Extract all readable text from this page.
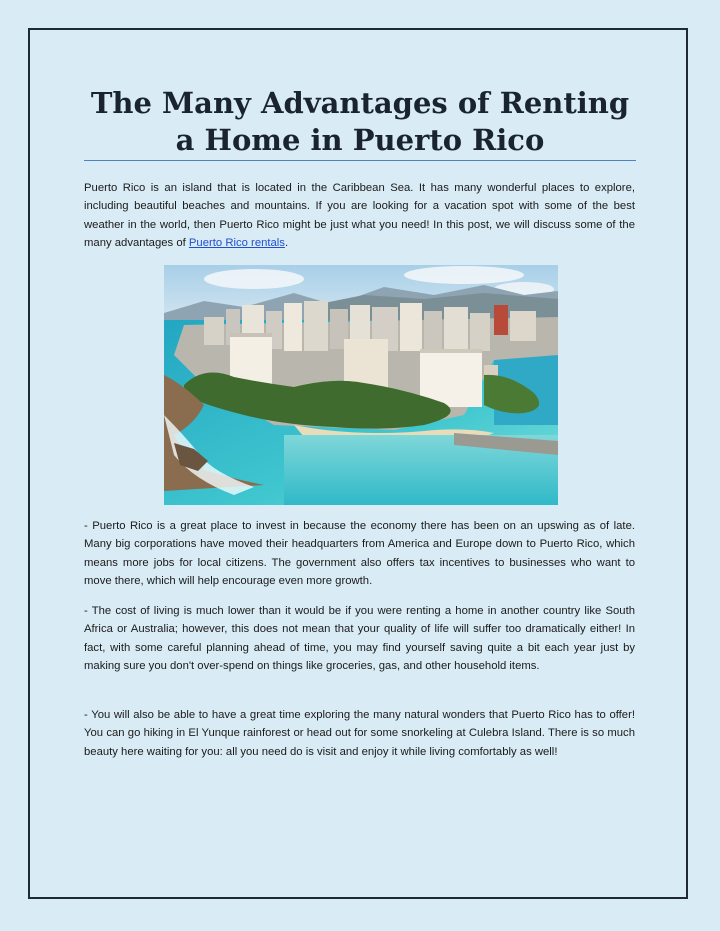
The Many Advantages of Renting a Home in Puerto Rico

Puerto Rico is an island that is located in the Caribbean Sea. It has many wonderful places to explore, including beautiful beaches and mountains. If you are looking for a vacation spot with some of the best weather in the world, then Puerto Rico might be just what you need! In this post, we will discuss some of the many advantages of Puerto Rico rentals.

- Puerto Rico is a great place to invest in because the economy there has been on an upswing as of late. Many big corporations have moved their headquarters from America and Europe down to Puerto Rico, which means more jobs for local citizens. The government also offers tax incentives to businesses who want to move there, which will help encourage even more growth.

- The cost of living is much lower than it would be if you were renting a home in another country like South Africa or Australia; however, this does not mean that your quality of life will suffer too dramatically either! In fact, with some careful planning ahead of time, you may find yourself saving quite a bit each year just by making sure you don't over-spend on things like groceries, gas, and other household items.

- You will also be able to have a great time exploring the many natural wonders that Puerto Rico has to offer! You can go hiking in El Yunque rainforest or head out for some snorkeling at Culebra Island. There is so much beauty here waiting for you: all you need do is visit and enjoy it while living comfortably as well!
